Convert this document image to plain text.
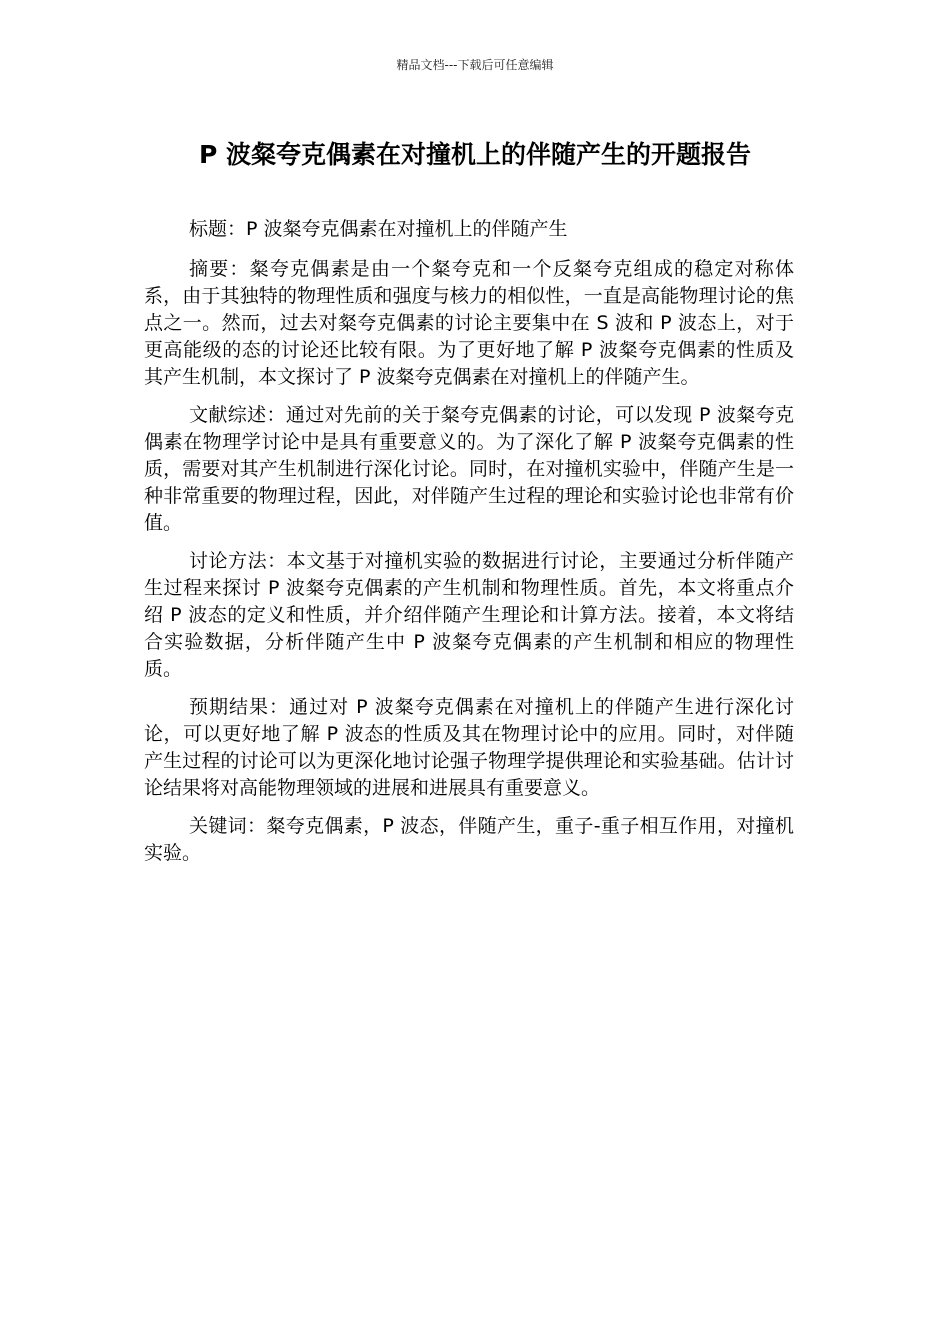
精品文档---下载后可任意编辑
P 波粲夸克偶素在对撞机上的伴随产生的开题报告

标题：P 波粲夸克偶素在对撞机上的伴随产生

摘要：粲夸克偶素是由一个粲夸克和一个反粲夸克组成的稳定对称体系，由于其独特的物理性质和强度与核力的相似性，一直是高能物理讨论的焦点之一。然而，过去对粲夸克偶素的讨论主要集中在 S 波和 P 波态上，对于更高能级的态的讨论还比较有限。为了更好地了解 P 波粲夸克偶素的性质及其产生机制，本文探讨了 P 波粲夸克偶素在对撞机上的伴随产生。

文献综述：通过对先前的关于粲夸克偶素的讨论，可以发现 P 波粲夸克偶素在物理学讨论中是具有重要意义的。为了深化了解 P 波粲夸克偶素的性质，需要对其产生机制进行深化讨论。同时，在对撞机实验中，伴随产生是一种非常重要的物理过程，因此，对伴随产生过程的理论和实验讨论也非常有价值。

讨论方法：本文基于对撞机实验的数据进行讨论，主要通过分析伴随产生过程来探讨 P 波粲夸克偶素的产生机制和物理性质。首先，本文将重点介绍 P 波态的定义和性质，并介绍伴随产生理论和计算方法。接着，本文将结合实验数据，分析伴随产生中 P 波粲夸克偶素的产生机制和相应的物理性质。

预期结果：通过对 P 波粲夸克偶素在对撞机上的伴随产生进行深化讨论，可以更好地了解 P 波态的性质及其在物理讨论中的应用。同时，对伴随产生过程的讨论可以为更深化地讨论强子物理学提供理论和实验基础。估计讨论结果将对高能物理领域的进展和进展具有重要意义。

关键词：粲夸克偶素，P 波态，伴随产生，重子-重子相互作用，对撞机实验。
